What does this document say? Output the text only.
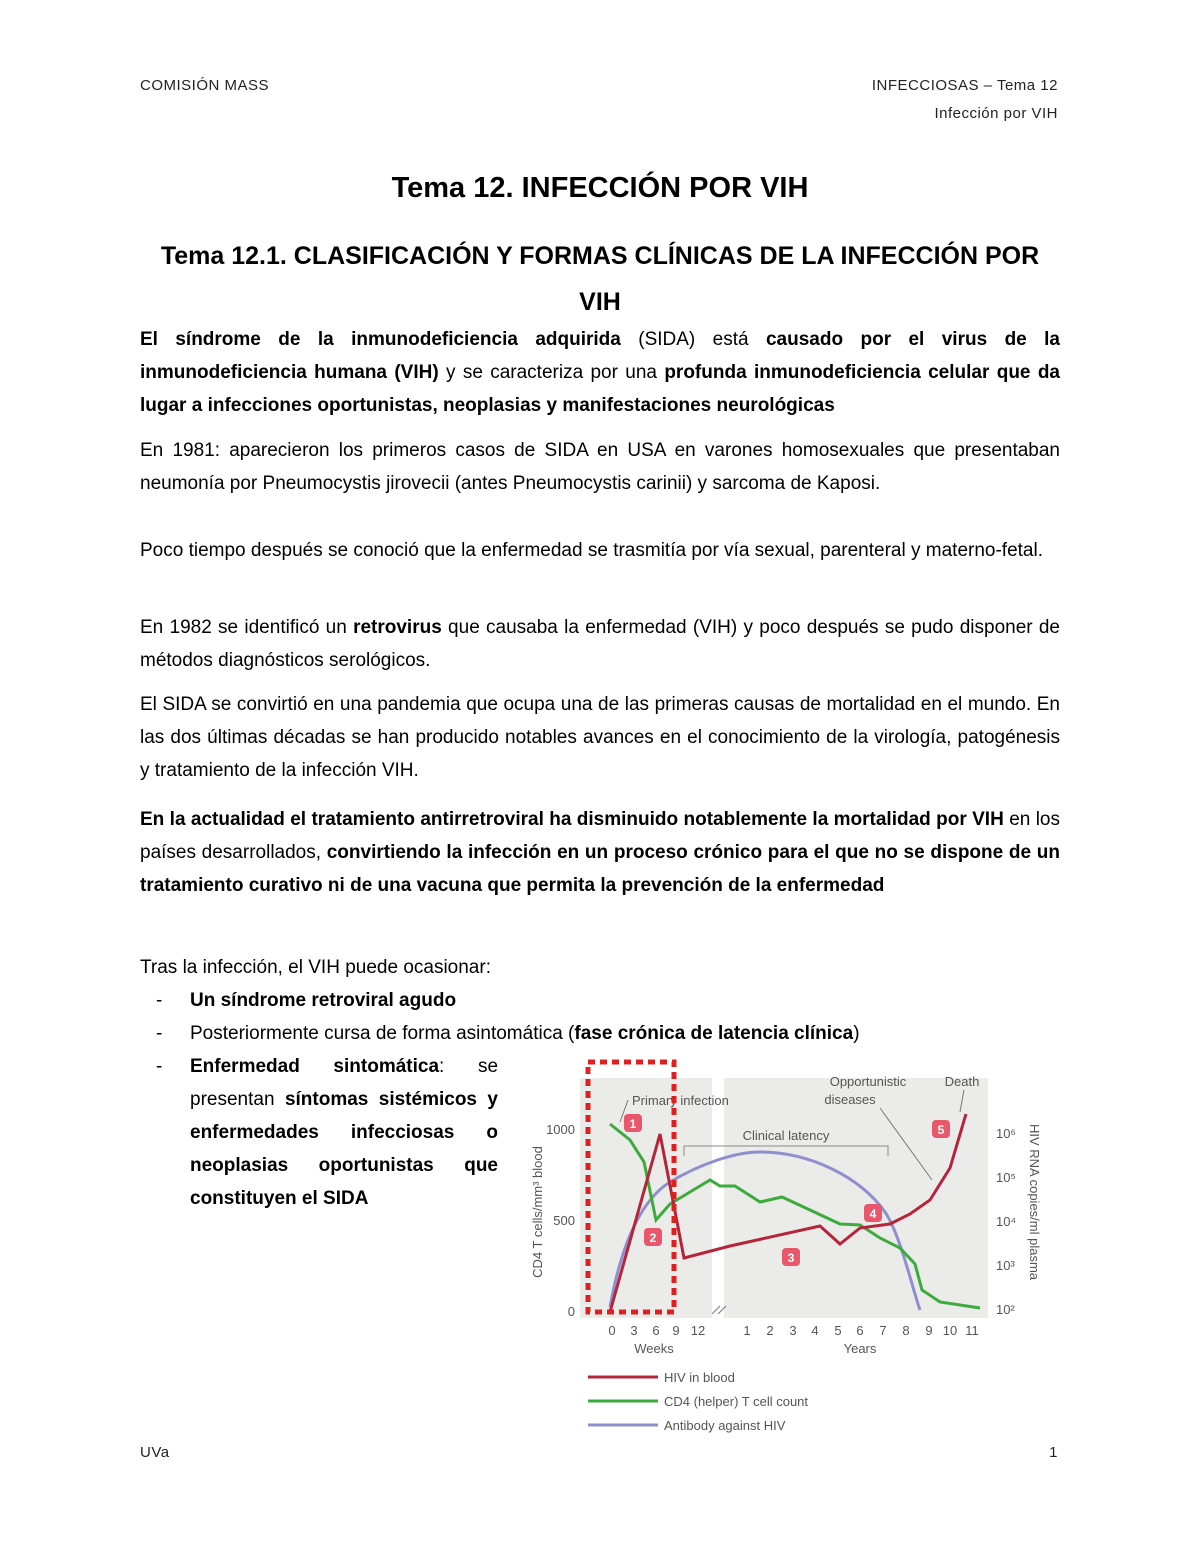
COMISIÓN MASS	INFECCIOSAS – Tema 12
Infección por VIH
Tema 12. INFECCIÓN POR VIH
Tema 12.1. CLASIFICACIÓN Y FORMAS CLÍNICAS DE LA INFECCIÓN POR
VIH
El síndrome de la inmunodeficiencia adquirida (SIDA) está causado por el virus de la inmunodeficiencia humana (VIH) y se caracteriza por una profunda inmunodeficiencia celular que da lugar a infecciones oportunistas, neoplasias y manifestaciones neurológicas
En 1981: aparecieron los primeros casos de SIDA en USA en varones homosexuales que presentaban neumonía por Pneumocystis jirovecii (antes Pneumocystis carinii) y sarcoma de Kaposi.
Poco tiempo después se conoció que la enfermedad se trasmitía por vía sexual, parenteral y materno-fetal.
En 1982 se identificó un retrovirus que causaba la enfermedad (VIH) y poco después se pudo disponer de métodos diagnósticos serológicos.
El SIDA se convirtió en una pandemia que ocupa una de las primeras causas de mortalidad en el mundo. En las dos últimas décadas se han producido notables avances en el conocimiento de la virología, patogénesis y tratamiento de la infección VIH.
En la actualidad el tratamiento antirretroviral ha disminuido notablemente la mortalidad por VIH en los países desarrollados, convirtiendo la infección en un proceso crónico para el que no se dispone de un tratamiento curativo ni de una vacuna que permita la prevención de la enfermedad
Tras la infección, el VIH puede ocasionar:
- Un síndrome retroviral agudo
- Posteriormente cursa de forma asintomática (fase crónica de latencia clínica)
-	Enfermedad sintomática: se presentan síntomas sistémicos y enfermedades infecciosas o neoplasias oportunistas que constituyen el SIDA	CD4 T cells/mm³ blood	HIV RNA copies/ml plasma
1000
500
0
10⁶
10⁵
10⁴
10³
10²
0 3 6 9 12	1 2 3 4 5 6 7 8 9 10 11
Weeks	Years
Primary infection
Clinical latency
Opportunistic
diseases
Death
1
2
3
4
5
HIV in blood
CD4 (helper) T cell count
Antibody against HIV
UVa	1
